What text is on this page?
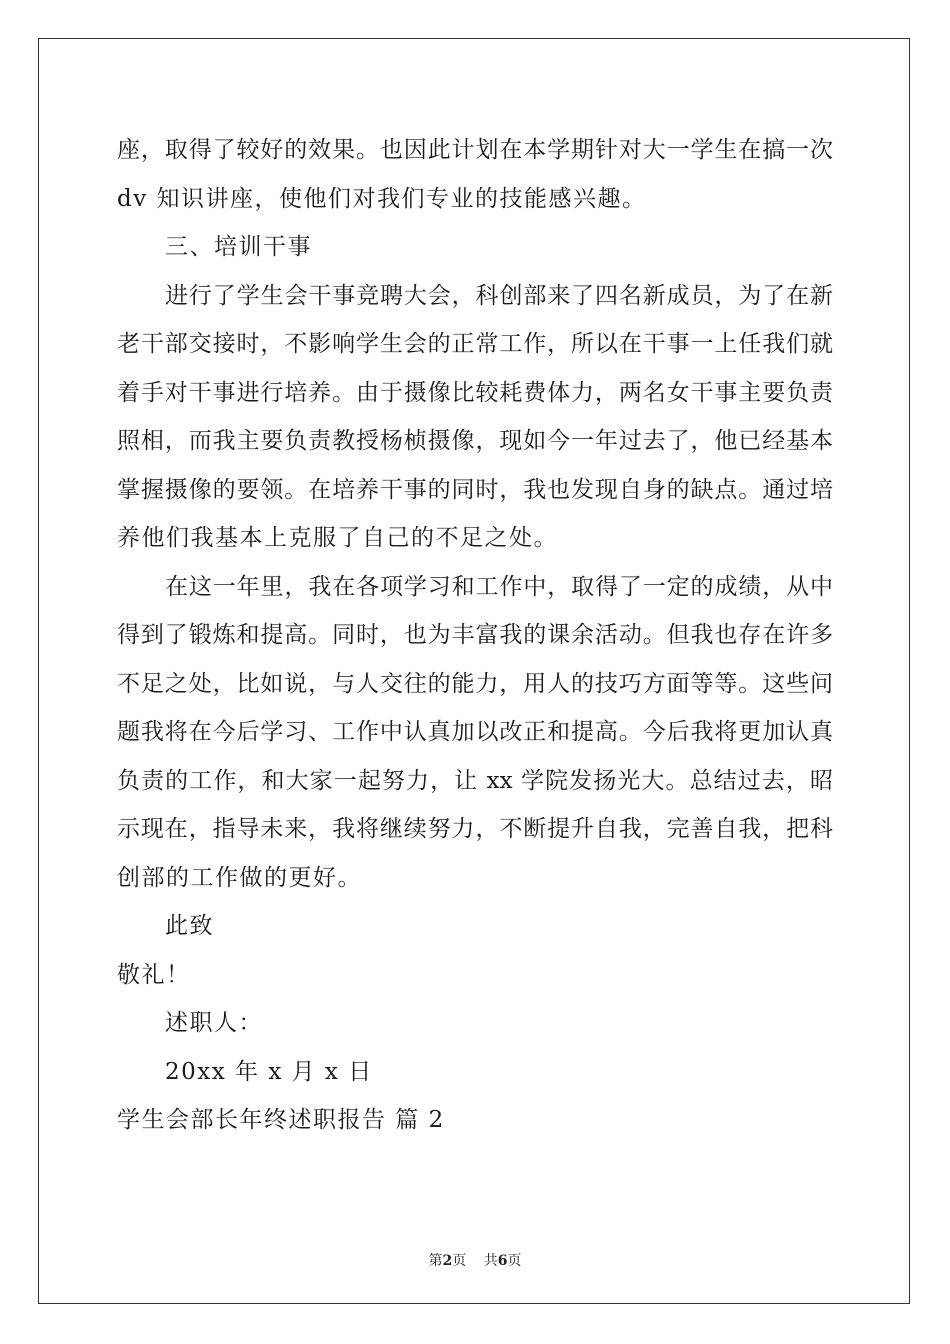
座，取得了较好的效果。也因此计划在本学期针对大一学生在搞一次
dv 知识讲座，使他们对我们专业的技能感兴趣。
三、培训干事
进行了学生会干事竞聘大会，科创部来了四名新成员，为了在新
老干部交接时，不影响学生会的正常工作，所以在干事一上任我们就
着手对干事进行培养。由于摄像比较耗费体力，两名女干事主要负责
照相，而我主要负责教授杨桢摄像，现如今一年过去了，他已经基本
掌握摄像的要领。在培养干事的同时，我也发现自身的缺点。通过培
养他们我基本上克服了自己的不足之处。
在这一年里，我在各项学习和工作中，取得了一定的成绩，从中
得到了锻炼和提高。同时，也为丰富我的课余活动。但我也存在许多
不足之处，比如说，与人交往的能力，用人的技巧方面等等。这些问
题我将在今后学习、工作中认真加以改正和提高。今后我将更加认真
负责的工作，和大家一起努力，让 xx 学院发扬光大。总结过去，昭
示现在，指导未来，我将继续努力，不断提升自我，完善自我，把科
创部的工作做的更好。
此致
敬礼！
述职人：
20xx 年 x 月 x 日
学生会部长年终述职报告 篇 2
第2页 共6页
